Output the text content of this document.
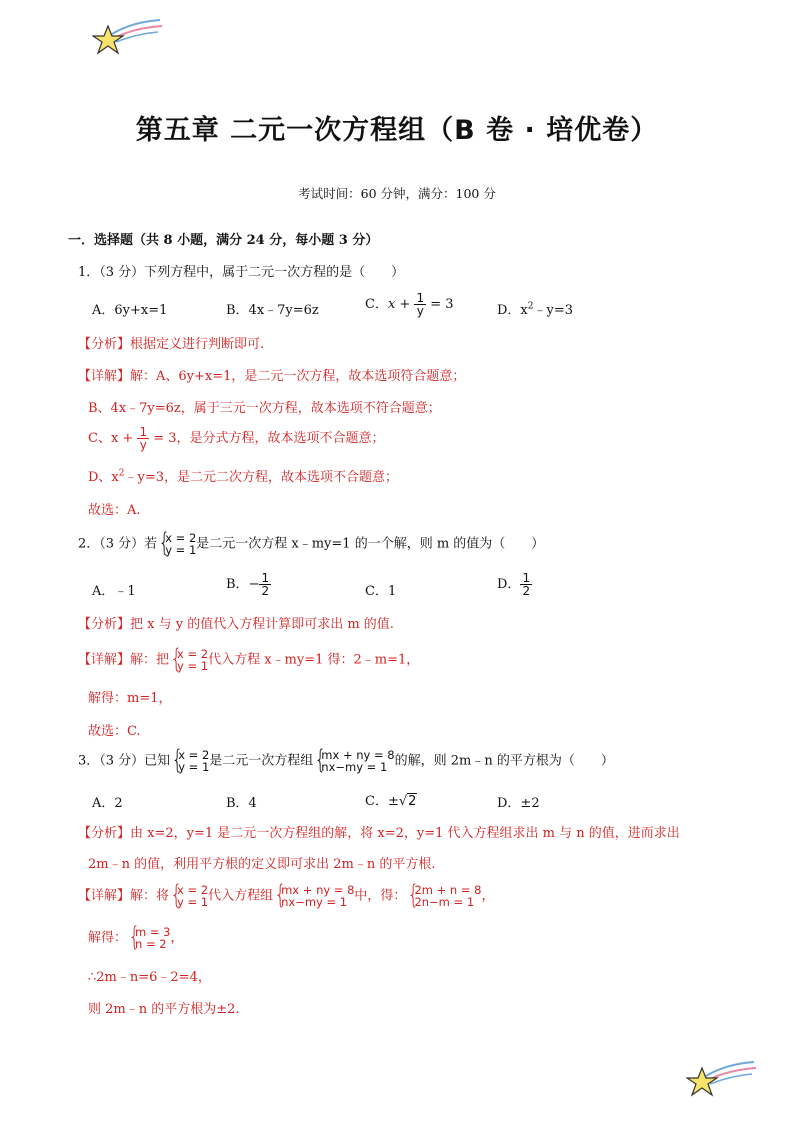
第五章 二元一次方程组（B 卷 · 培优卷）
考试时间：60 分钟，满分：100 分
一．选择题（共 8 小题，满分 24 分，每小题 3 分）
1．（3 分）下列方程中，属于二元一次方程的是（　　）
A．6y+x=1	B．4x﹣7y=6z	C．$x + \frac{1}{y} = 3$	D．$x^2﹣y=3$
【分析】根据定义进行判断即可.
【详解】解：A、6y+x=1，是二元一次方程，故本选项符合题意；
B、4x﹣7y=6z，属于三元一次方程，故本选项不符合题意；
C、$x + \frac{1}{y} = 3$，是分式方程，故本选项不合题意；
D、$x^2﹣y=3$，是二元二次方程，故本选项不合题意；
故选：A.
2．（3 分）若 { x = 2
y = 1 是二元一次方程 x﹣my=1 的一个解，则 m 的值为（　　）
A．﹣1	B．− $\frac{1}{2}$	C．1	D． $\frac{1}{2}$
【分析】把 x 与 y 的值代入方程计算即可求出 m 的值.
【详解】解：把 { x = 2
y = 1 代入方程 x﹣my=1 得：2﹣m=1，
解得：m=1，
故选：C.
3．（3 分）已知 { x = 2
y = 1 是二元一次方程组 { mx + ny = 8
nx−my = 1 的解，则 2m﹣n 的平方根为（　　）
A．2	B．4	C．±√2	D．±2
【分析】由 x=2，y=1 是二元一次方程组的解，将 x=2，y=1 代入方程组求出 m 与 n 的值，进而求出
2m﹣n 的值，利用平方根的定义即可求出 2m﹣n 的平方根.
【详解】解：将 { x = 2
y = 1 代入方程组 { mx + ny = 8
nx−my = 1 中，得： { 2m + n = 8
2n−m = 1 ，
解得： { m = 3
n = 2 ，
∴2m﹣n=6﹣2=4，
则 2m﹣n 的平方根为±2.
